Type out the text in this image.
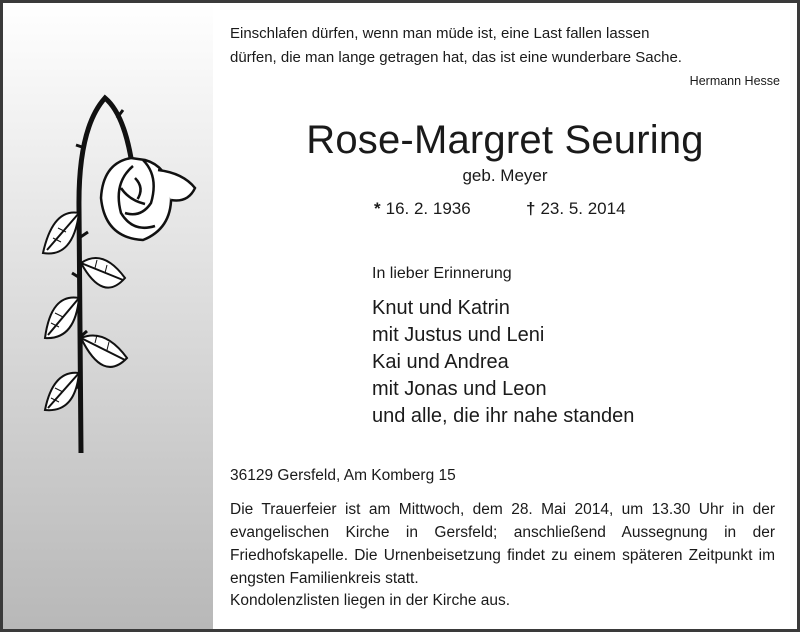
Einschlafen dürfen, wenn man müde ist, eine Last fallen lassen

dürfen, die man lange getragen hat, das ist eine wunderbare Sache.

Hermann Hesse
Rose-Margret Seuring
geb. Meyer
* 16. 2. 1936	† 23. 5. 2014
In lieber Erinnerung
Knut und Katrin
mit Justus und Leni
Kai und Andrea
mit Jonas und Leon
und alle, die ihr nahe standen
36129 Gersfeld, Am Komberg 15
Die Trauerfeier ist am Mittwoch, dem 28. Mai 2014, um 13.30 Uhr in der evangelischen Kirche in Gersfeld; anschließend Aussegnung in der Friedhofskapelle. Die Urnenbeisetzung findet zu einem späteren Zeitpunkt im engsten Familienkreis statt.
Kondolenzlisten liegen in der Kirche aus.
